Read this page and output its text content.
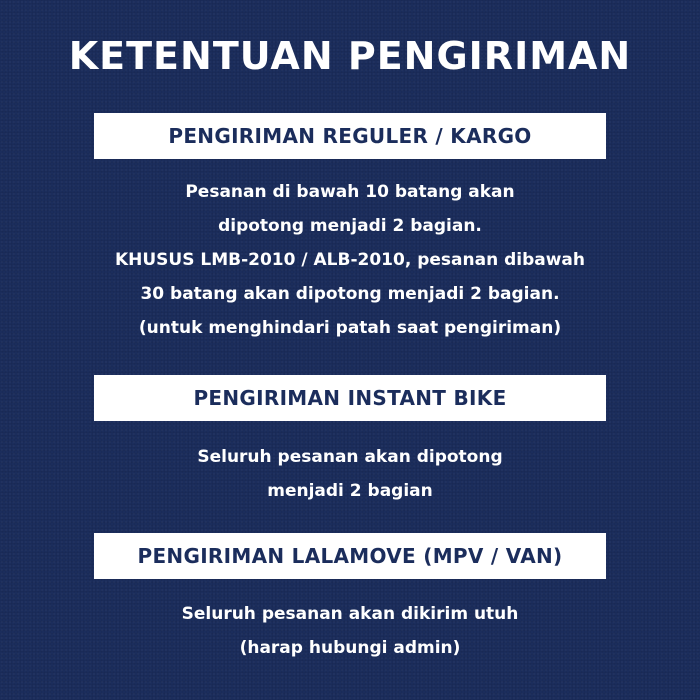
KETENTUAN PENGIRIMAN
PENGIRIMAN REGULER / KARGO
Pesanan di bawah 10 batang akan
dipotong menjadi 2 bagian.
KHUSUS LMB-2010 / ALB-2010, pesanan dibawah
30 batang akan dipotong menjadi 2 bagian.
(untuk menghindari patah saat pengiriman)
PENGIRIMAN INSTANT BIKE
Seluruh pesanan akan dipotong
menjadi 2 bagian
PENGIRIMAN LALAMOVE (MPV / VAN)
Seluruh pesanan akan dikirim utuh
(harap hubungi admin)
